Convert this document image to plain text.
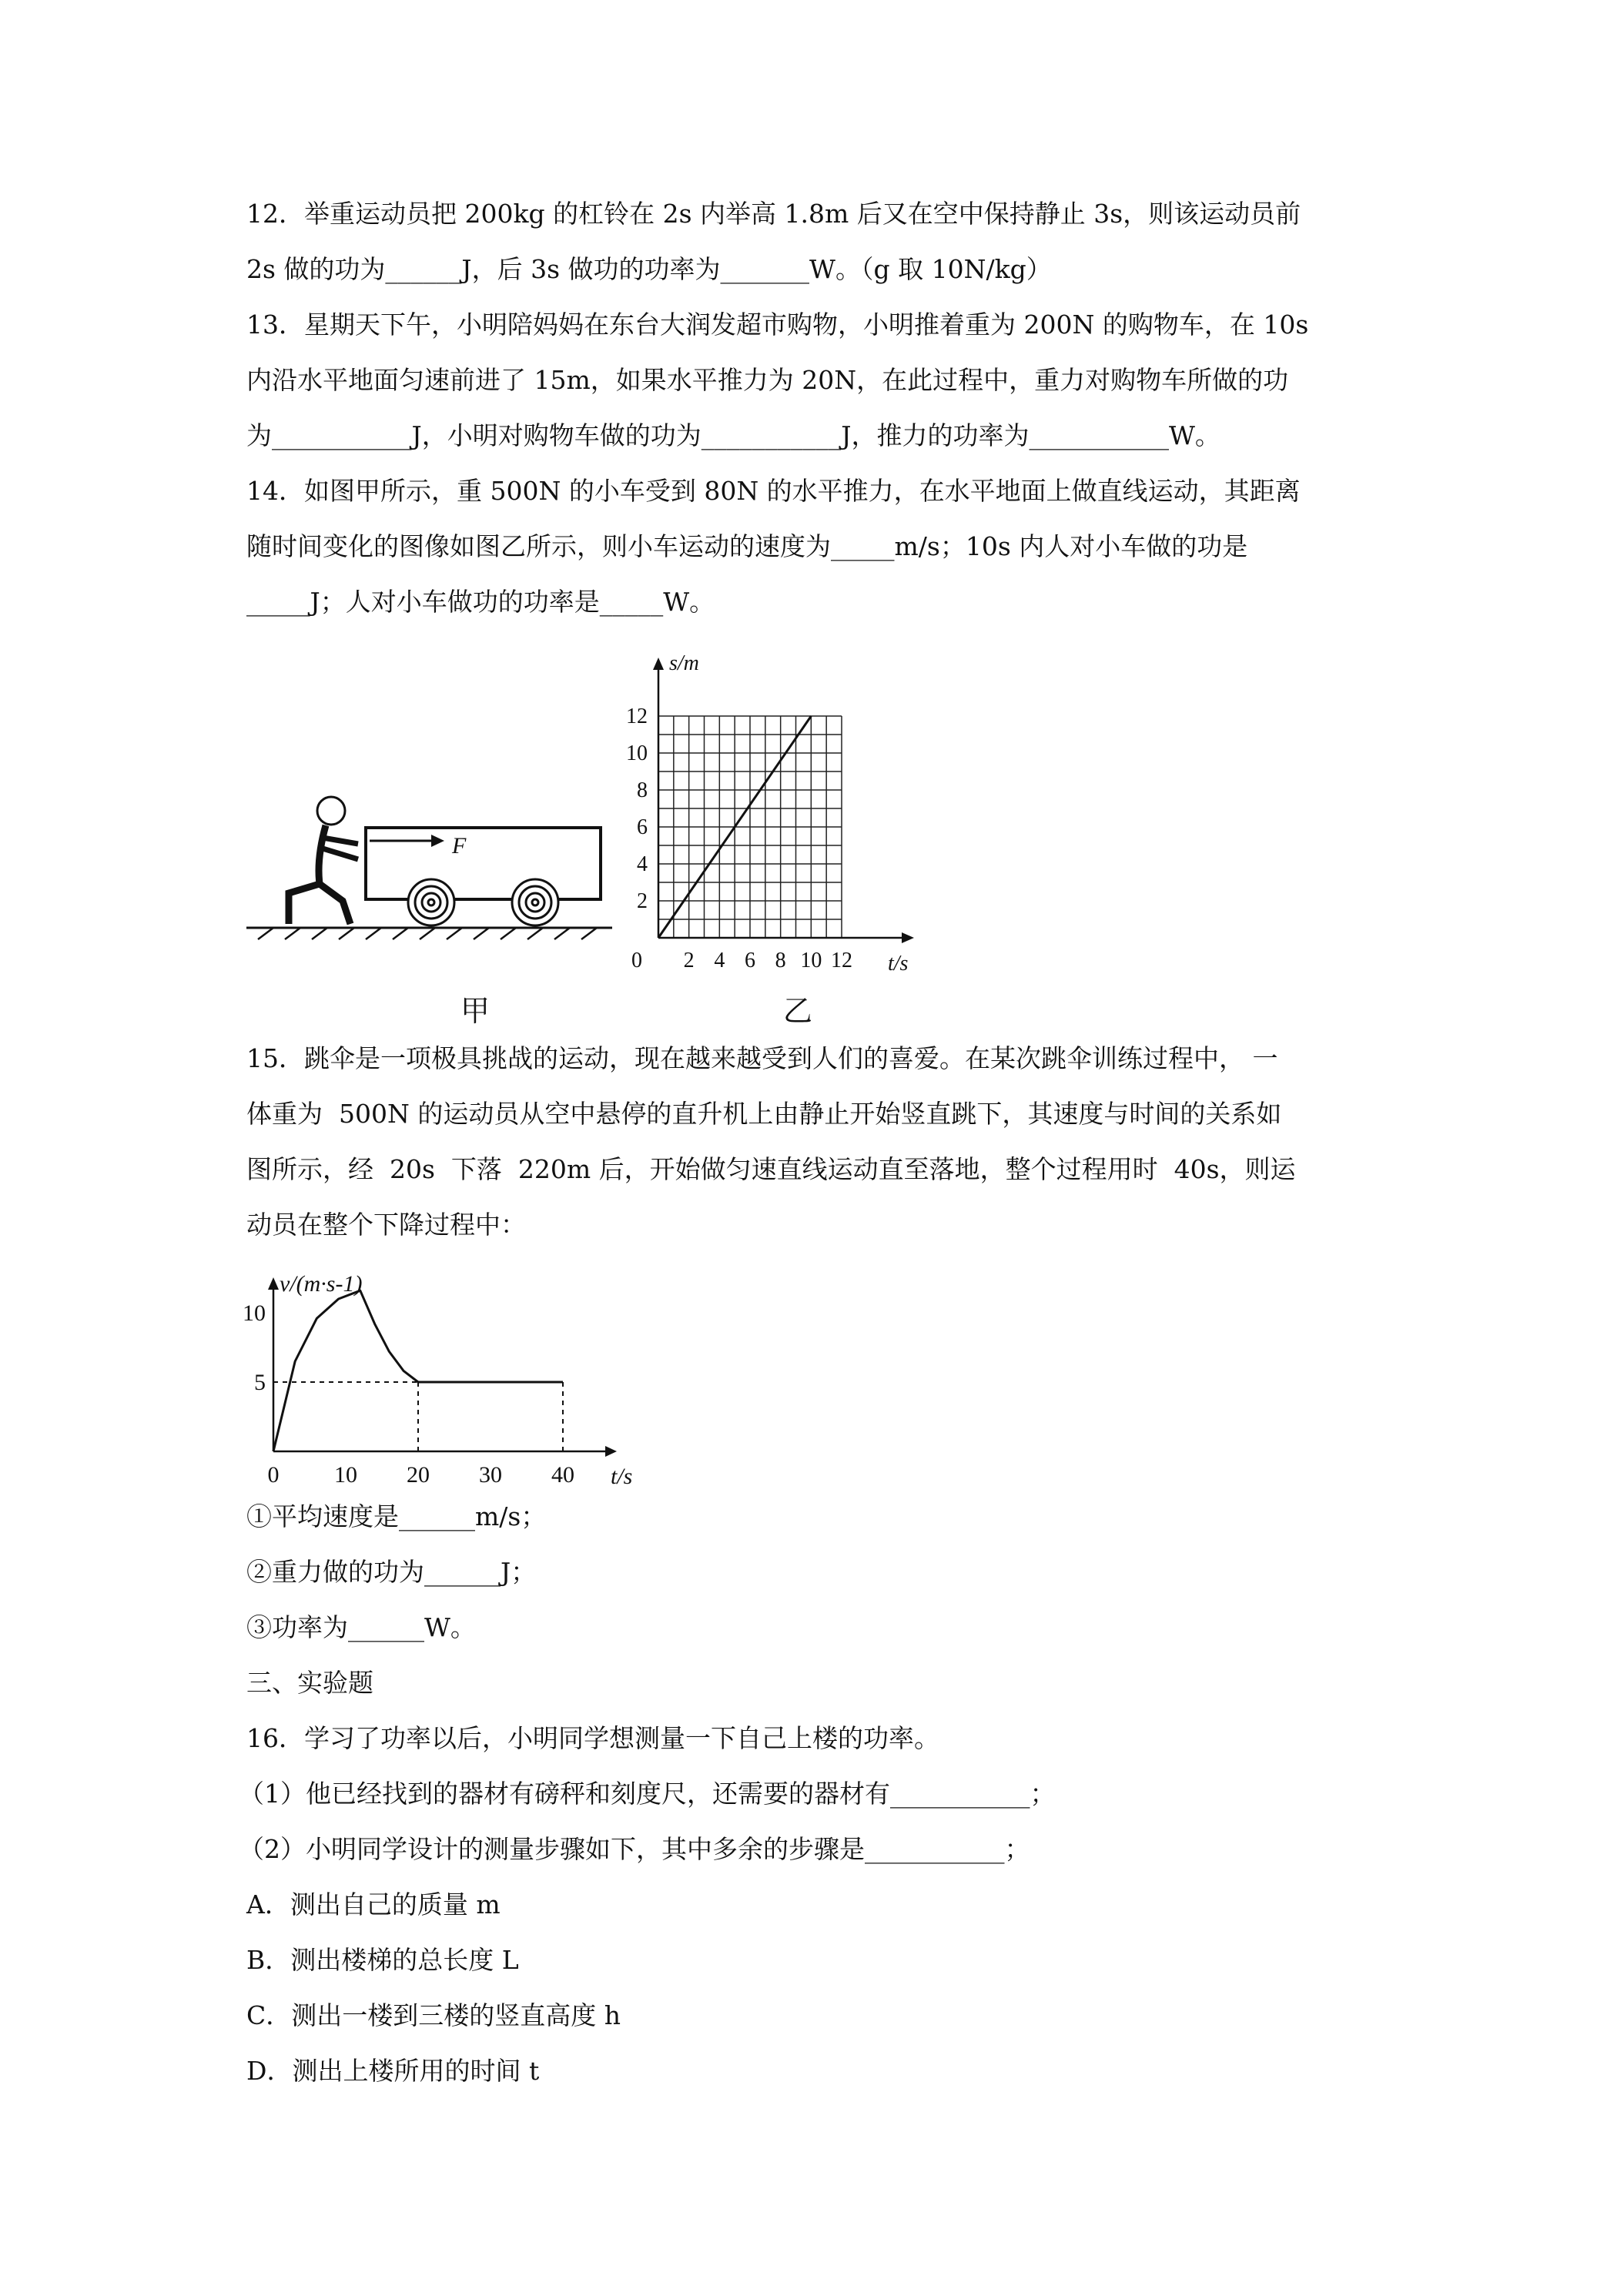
12．举重运动员把 200kg 的杠铃在 2s 内举高 1.8m 后又在空中保持静止 3s，则该运动员前
2s 做的功为______J，后 3s 做功的功率为_______W。（g 取 10N/kg）
13．星期天下午，小明陪妈妈在东台大润发超市购物，小明推着重为 200N 的购物车，在 10s
内沿水平地面匀速前进了 15m，如果水平推力为 20N，在此过程中，重力对购物车所做的功
为___________J，小明对购物车做的功为___________J，推力的功率为___________W。
14．如图甲所示，重 500N 的小车受到 80N 的水平推力，在水平地面上做直线运动，其距离
随时间变化的图像如图乙所示，则小车运动的速度为_____m/s；10s 内人对小车做的功是
_____J；人对小车做功的功率是_____W。
F
甲
0 2 4 6 8 10 12
2
4
6
8
10
12
t/s
s/m
乙
15．跳伞是一项极具挑战的运动，现在越来越受到人们的喜爱。在某次跳伞训练过程中， 一
体重为  500N 的运动员从空中悬停的直升机上由静止开始竖直跳下，其速度与时间的关系如
图所示，经  20s  下落  220m 后，开始做匀速直线运动直至落地，整个过程用时  40s，则运
动员在整个下降过程中：
0 10 20 30 40
5
10
t/s
v/(m·s-1)
①平均速度是______m/s；
②重力做的功为______J；
③功率为______W。
三、实验题
16．学习了功率以后，小明同学想测量一下自己上楼的功率。
（1）他已经找到的器材有磅秤和刻度尺，还需要的器材有___________；
（2）小明同学设计的测量步骤如下，其中多余的步骤是___________；
A．测出自己的质量 m
B．测出楼梯的总长度 L
C．测出一楼到三楼的竖直高度 h
D．测出上楼所用的时间 t
